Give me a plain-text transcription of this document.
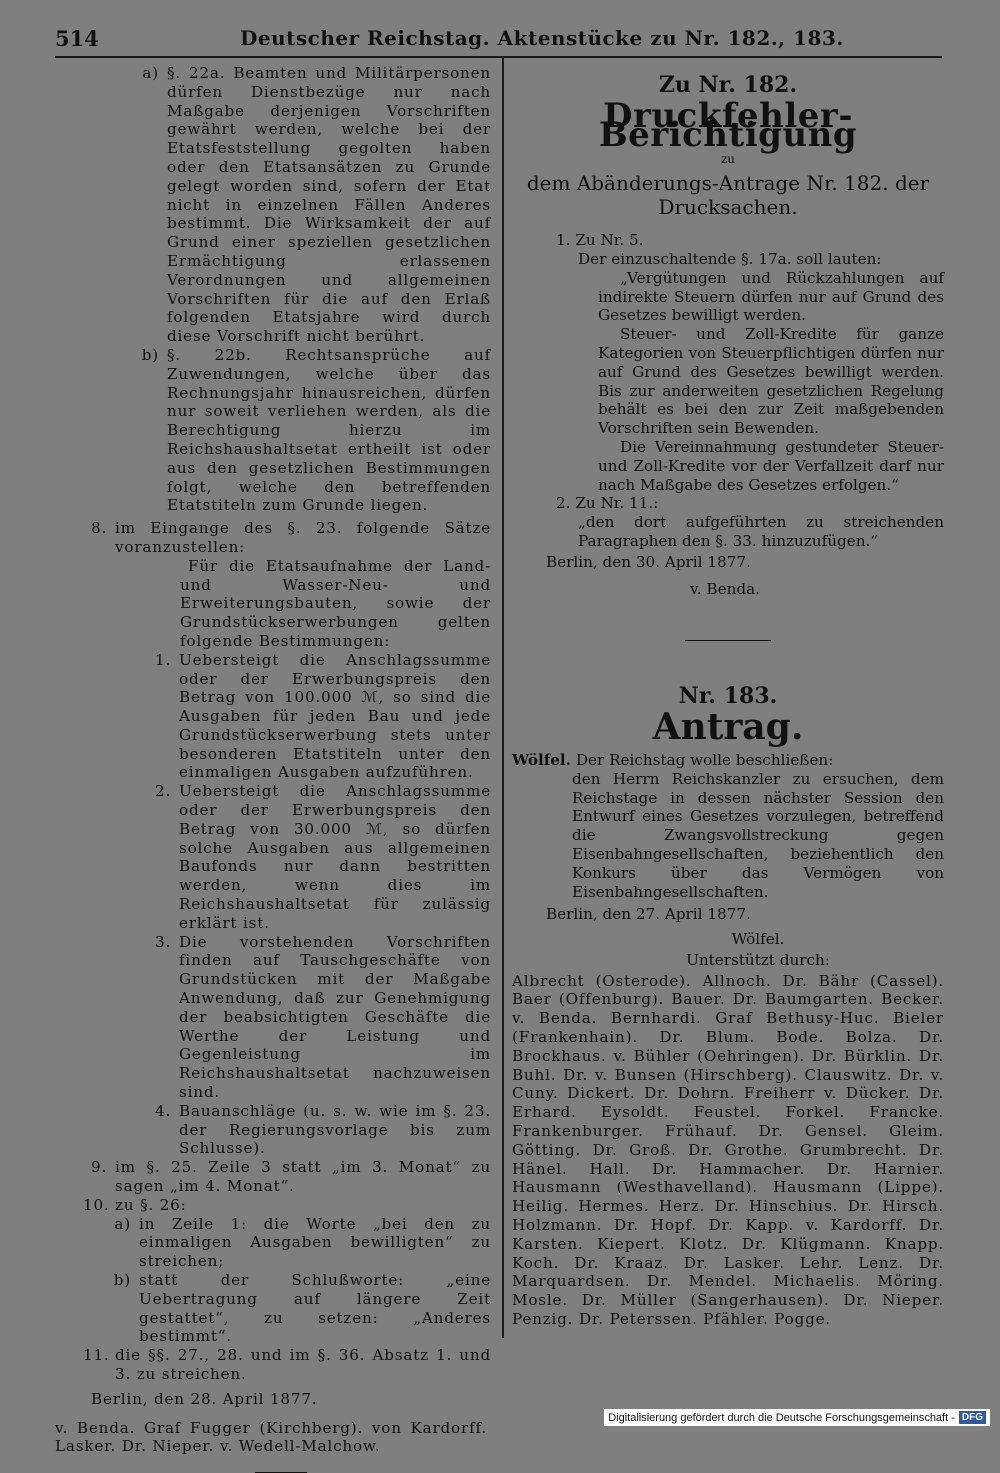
514	Deutscher Reichstag. Aktenstücke zu Nr. 182., 183.
a) §. 22a. Beamten und Militärpersonen dürfen Dienstbezüge nur nach Maßgabe derjenigen Vorschriften gewährt werden, welche bei der Etatsfeststellung gegolten haben oder den Etatsansätzen zu Grunde gelegt worden sind, sofern der Etat nicht in einzelnen Fällen Anderes bestimmt. Die Wirksamkeit der auf Grund einer speziellen gesetzlichen Ermächtigung erlassenen Verordnungen und allgemeinen Vorschriften für die auf den Erlaß folgenden Etatsjahre wird durch diese Vorschrift nicht berührt.
b) §. 22b. Rechtsansprüche auf Zuwendungen, welche über das Rechnungsjahr hinausreichen, dürfen nur soweit verliehen werden, als die Berechtigung hierzu im Reichshaushaltsetat ertheilt ist oder aus den gesetzlichen Bestimmungen folgt, welche den betreffenden Etatstiteln zum Grunde liegen.
8. im Eingange des §. 23. folgende Sätze voranzustellen:

Für die Etatsaufnahme der Land- und Wasser-Neu- und Erweiterungsbauten, sowie der Grundstückserwerbungen gelten folgende Bestimmungen:

1. Uebersteigt die Anschlagssumme oder der Erwerbungspreis den Betrag von 100.000 ℳ, so sind die Ausgaben für jeden Bau und jede Grundstückserwerbung stets unter besonderen Etatstiteln unter den einmaligen Ausgaben aufzuführen.
2. Uebersteigt die Anschlagssumme oder der Erwerbungspreis den Betrag von 30.000 ℳ, so dürfen solche Ausgaben aus allgemeinen Baufonds nur dann bestritten werden, wenn dies im Reichshaushaltsetat für zulässig erklärt ist.
3. Die vorstehenden Vorschriften finden auf Tauschgeschäfte von Grundstücken mit der Maßgabe Anwendung, daß zur Genehmigung der beabsichtigten Geschäfte die Werthe der Leistung und Gegenleistung im Reichshaushaltsetat nachzuweisen sind.
4. Bauanschläge (u. s. w. wie im §. 23. der Regierungsvorlage bis zum Schlusse).
9. im §. 25. Zeile 3 statt „im 3. Monat“ zu sagen „im 4. Monat“.
10. zu §. 26:
a) in Zeile 1: die Worte „bei den zu einmaligen Ausgaben bewilligten“ zu streichen;
b) statt der Schlußworte: „eine Uebertragung auf längere Zeit gestattet“, zu setzen: „Anderes bestimmt“.
11. die §§. 27., 28. und im §. 36. Absatz 1. und 3. zu streichen.

Berlin, den 28. April 1877.

v. Benda. Graf Fugger (Kirchberg). von Kardorff. Lasker. Dr. Nieper. v. Wedell-Malchow.

Zu Nr. 182.
Druckfehler-Berichtigung
zu
dem Abänderungs-Antrage Nr. 182. der Drucksachen.
1. Zu Nr. 5.

Der einzuschaltende §. 17a. soll lauten:

„Vergütungen und Rückzahlungen auf indirekte Steuern dürfen nur auf Grund des Gesetzes bewilligt werden.

Steuer- und Zoll-Kredite für ganze Kategorien von Steuerpflichtigen dürfen nur auf Grund des Gesetzes bewilligt werden. Bis zur anderweiten gesetzlichen Regelung behält es bei den zur Zeit maßgebenden Vorschriften sein Bewenden.

Die Vereinnahmung gestundeter Steuer- und Zoll-Kredite vor der Verfallzeit darf nur nach Maßgabe des Gesetzes erfolgen.“

2. Zu Nr. 11.:

„den dort aufgeführten zu streichenden Paragraphen den §. 33. hinzuzufügen.“

Berlin, den 30. April 1877.

v. Benda.

Nr. 183.
Antrag.

Wölfel. Der Reichstag wolle beschließen:

den Herrn Reichskanzler zu ersuchen, dem Reichstage in dessen nächster Session den Entwurf eines Gesetzes vorzulegen, betreffend die Zwangsvollstreckung gegen Eisenbahngesellschaften, beziehentlich den Konkurs über das Vermögen von Eisenbahngesellschaften.

Berlin, den 27. April 1877.

Wölfel.

Unterstützt durch:

Albrecht (Osterode). Allnoch. Dr. Bähr (Cassel). Baer (Offenburg). Bauer. Dr. Baumgarten. Becker. v. Benda. Bernhardi. Graf Bethusy-Huc. Bieler (Frankenhain). Dr. Blum. Bode. Bolza. Dr. Brockhaus. v. Bühler (Oehringen). Dr. Bürklin. Dr. Buhl. Dr. v. Bunsen (Hirschberg). Clauswitz. Dr. v. Cuny. Dickert. Dr. Dohrn. Freiherr v. Dücker. Dr. Erhard. Eysoldt. Feustel. Forkel. Francke. Frankenburger. Frühauf. Dr. Gensel. Gleim. Götting. Dr. Groß. Dr. Grothe. Grumbrecht. Dr. Hänel. Hall. Dr. Hammacher. Dr. Harnier. Hausmann (Westhavelland). Hausmann (Lippe). Heilig. Hermes. Herz. Dr. Hinschius. Dr. Hirsch. Holzmann. Dr. Hopf. Dr. Kapp. v. Kardorff. Dr. Karsten. Kiepert. Klotz. Dr. Klügmann. Knapp. Koch. Dr. Kraaz. Dr. Lasker. Lehr. Lenz. Dr. Marquardsen. Dr. Mendel. Michaelis. Möring. Mosle. Dr. Müller (Sangerhausen). Dr. Nieper. Penzig. Dr. Peterssen. Pfähler. Pogge.

Digitalisierung gefördert durch die Deutsche Forschungsgemeinschaft - DFG
